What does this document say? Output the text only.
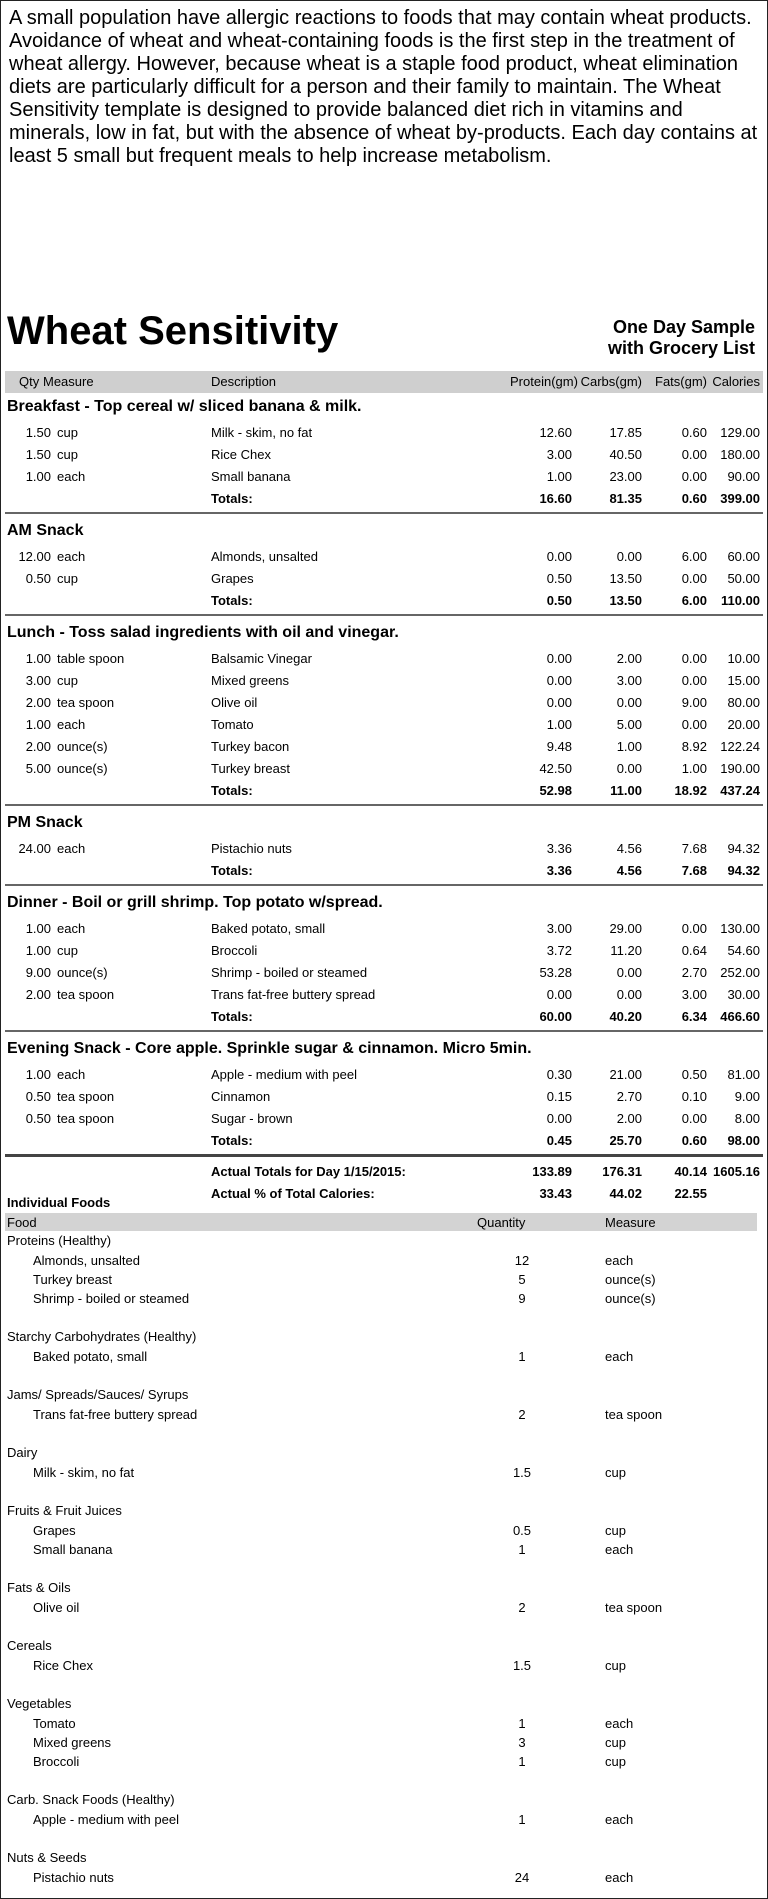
A small population have allergic reactions to foods that may contain wheat products. Avoidance of wheat and wheat-containing foods is the first step in the treatment of wheat allergy. However, because wheat is a staple food product, wheat elimination diets are particularly difficult for a person and their family to maintain. The Wheat Sensitivity template is designed to provide balanced diet rich in vitamins and minerals, low in fat, but with the absence of wheat by-products. Each day contains at least 5 small but frequent meals to help increase metabolism.
Wheat Sensitivity	One Day Sample
with Grocery List
Qty Measure	Description	Protein(gm) Carbs(gm)	Fats(gm) Calories
Breakfast - Top cereal w/ sliced banana & milk.
1.50 cup	Milk - skim, no fat	12.60	17.85	0.60	129.00
1.50 cup	Rice Chex	3.00	40.50	0.00	180.00
1.00 each	Small banana	1.00	23.00	0.00	90.00
Totals:	16.60	81.35	0.60	399.00
AM Snack
12.00 each	Almonds, unsalted	0.00	0.00	6.00	60.00
0.50 cup	Grapes	0.50	13.50	0.00	50.00
Totals:	0.50	13.50	6.00	110.00
Lunch - Toss salad ingredients with oil and vinegar.
1.00 table spoon	Balsamic Vinegar	0.00	2.00	0.00	10.00
3.00 cup	Mixed greens	0.00	3.00	0.00	15.00
2.00 tea spoon	Olive oil	0.00	0.00	9.00	80.00
1.00 each	Tomato	1.00	5.00	0.00	20.00
2.00 ounce(s)	Turkey bacon	9.48	1.00	8.92	122.24
5.00 ounce(s)	Turkey breast	42.50	0.00	1.00	190.00
Totals:	52.98	11.00	18.92	437.24
PM Snack
24.00 each	Pistachio nuts	3.36	4.56	7.68	94.32
Totals:	3.36	4.56	7.68	94.32
Dinner - Boil or grill shrimp. Top potato w/spread.
1.00 each	Baked potato, small	3.00	29.00	0.00	130.00
1.00 cup	Broccoli	3.72	11.20	0.64	54.60
9.00 ounce(s)	Shrimp - boiled or steamed	53.28	0.00	2.70	252.00
2.00 tea spoon	Trans fat-free buttery spread	0.00	0.00	3.00	30.00
Totals:	60.00	40.20	6.34	466.60
Evening Snack - Core apple. Sprinkle sugar & cinnamon. Micro 5min.
1.00 each	Apple - medium with peel	0.30	21.00	0.50	81.00
0.50 tea spoon	Cinnamon	0.15	2.70	0.10	9.00
0.50 tea spoon	Sugar - brown	0.00	2.00	0.00	8.00
Totals:	0.45	25.70	0.60	98.00
Actual Totals for Day 1/15/2015:	133.89	176.31	40.14 1605.16
Actual % of Total Calories:	33.43	44.02	22.55
Individual Foods
Food	Quantity	Measure
Proteins (Healthy)
Almonds, unsalted	12	each
Turkey breast	5	ounce(s)
Shrimp - boiled or steamed	9	ounce(s)
Starchy Carbohydrates (Healthy)
Baked potato, small	1	each
Jams/ Spreads/Sauces/ Syrups
Trans fat-free buttery spread	2	tea spoon
Dairy
Milk - skim, no fat	1.5	cup
Fruits & Fruit Juices
Grapes	0.5	cup
Small banana	1	each
Fats & Oils
Olive oil	2	tea spoon
Cereals
Rice Chex	1.5	cup
Vegetables
Tomato	1	each
Mixed greens	3	cup
Broccoli	1	cup
Carb. Snack Foods (Healthy)
Apple - medium with peel	1	each
Nuts & Seeds
Pistachio nuts	24	each
